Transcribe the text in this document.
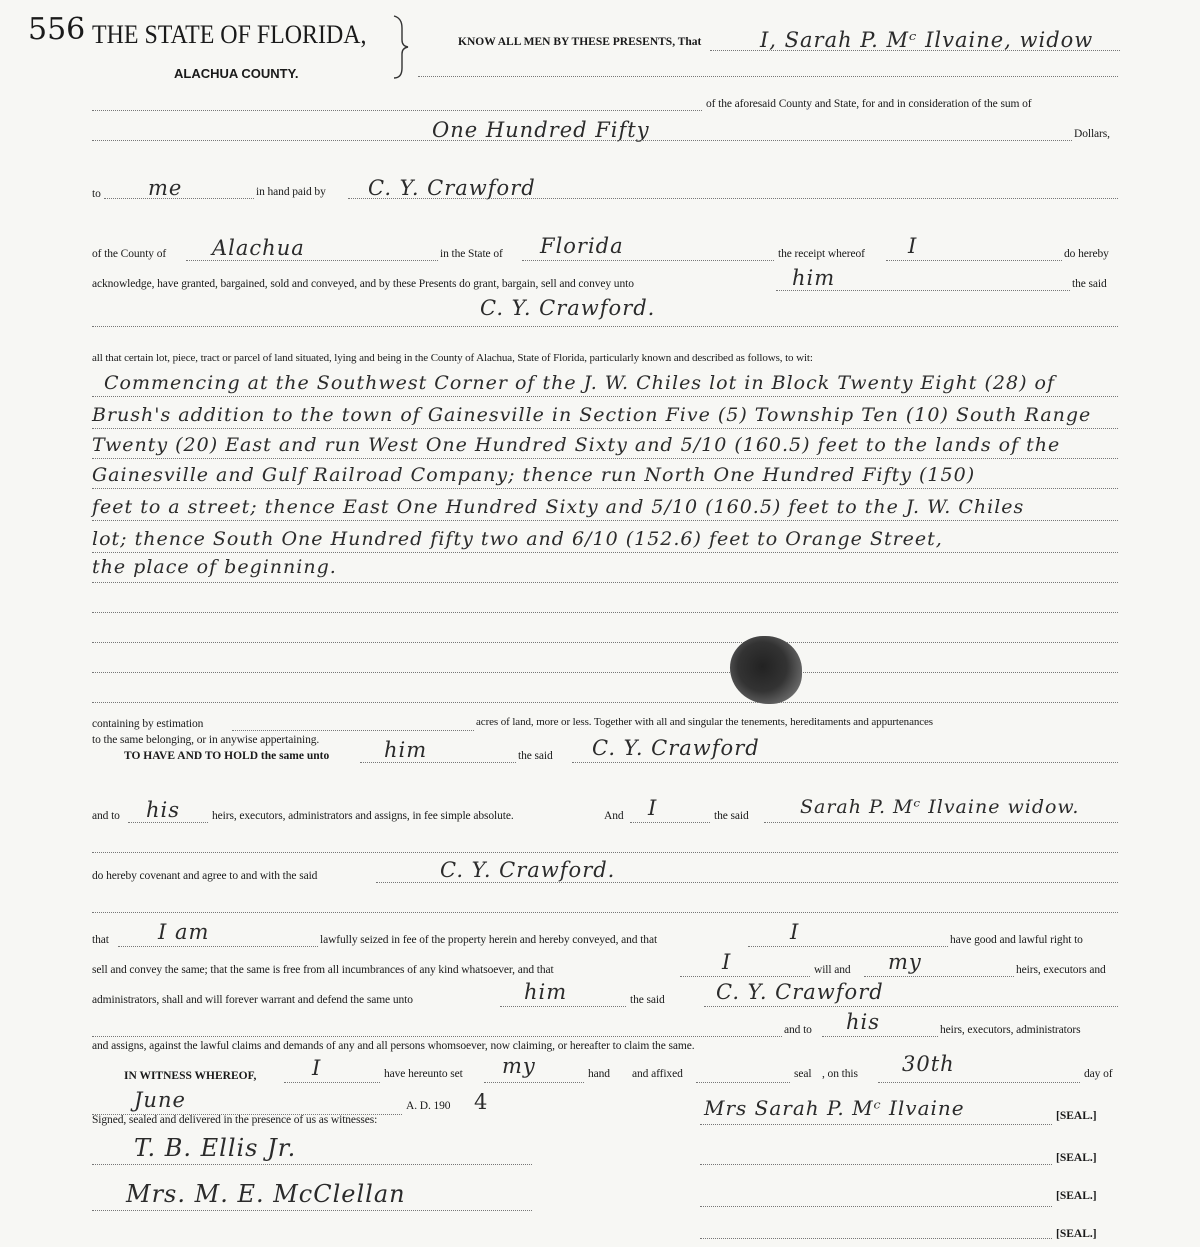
556 THE STATE OF FLORIDA,
ALACHUA COUNTY.
KNOW ALL MEN BY THESE PRESENTS, That	I, Sarah P. Mᶜ Ilvaine, widow
of the aforesaid County and State, for and in consideration of the sum of
One Hundred Fifty	Dollars,
to me	in hand paid by C. Y. Crawford
of the County of Alachua	in the State of Florida	the receipt whereof I	do hereby
acknowledge, have granted, bargained, sold and conveyed, and by these Presents do grant, bargain, sell and convey unto	him	the said
C. Y. Crawford.
all that certain lot, piece, tract or parcel of land situated, lying and being in the County of Alachua, State of Florida, particularly known and described as follows, to wit:
Commencing at the Southwest Corner of the J. W. Chiles lot in Block Twenty Eight (28) of
Brush's addition to the town of Gainesville in Section Five (5) Township Ten (10) South Range
Twenty (20) East and run West One Hundred Sixty and 5/10 (160.5) feet to the lands of the
Gainesville and Gulf Railroad Company; thence run North One Hundred Fifty (150)
feet to a street; thence East One Hundred Sixty and 5/10 (160.5) feet to the J. W. Chiles
lot; thence South One Hundred fifty two and 6/10 (152.6) feet to Orange Street,
the place of beginning.
containing by estimation	acres of land, more or less. Together with all and singular the tenements, hereditaments and appurtenances
to the same belonging, or in anywise appertaining.
TO HAVE AND TO HOLD the same unto	him	the said C. Y. Crawford
and to his	heirs, executors, administrators and assigns, in fee simple absolute.	And I	the said	Sarah P. Mᶜ Ilvaine widow.
do hereby covenant and agree to and with the said	C. Y. Crawford.
that I am	lawfully seized in fee of the property herein and hereby conveyed, and that	I	have good and lawful right to
sell and convey the same; that the same is free from all incumbrances of any kind whatsoever, and that	I	will and my	heirs, executors and
administrators, shall and will forever warrant and defend the same unto	him	the said C. Y. Crawford
and to his	heirs, executors, administrators
and assigns, against the lawful claims and demands of any and all persons whomsoever, now claiming, or hereafter to claim the same.
IN WITNESS WHEREOF,	I	have hereunto set my	hand and affixed	seal , on this 30th	day of
June	A. D. 190 4
Signed, sealed and delivered in the presence of us as witnesses:	Mrs Sarah P. Mᶜ Ilvaine	[SEAL.]
T. B. Ellis Jr.	[SEAL.]
Mrs. M. E. McClellan	[SEAL.]
[SEAL.]
